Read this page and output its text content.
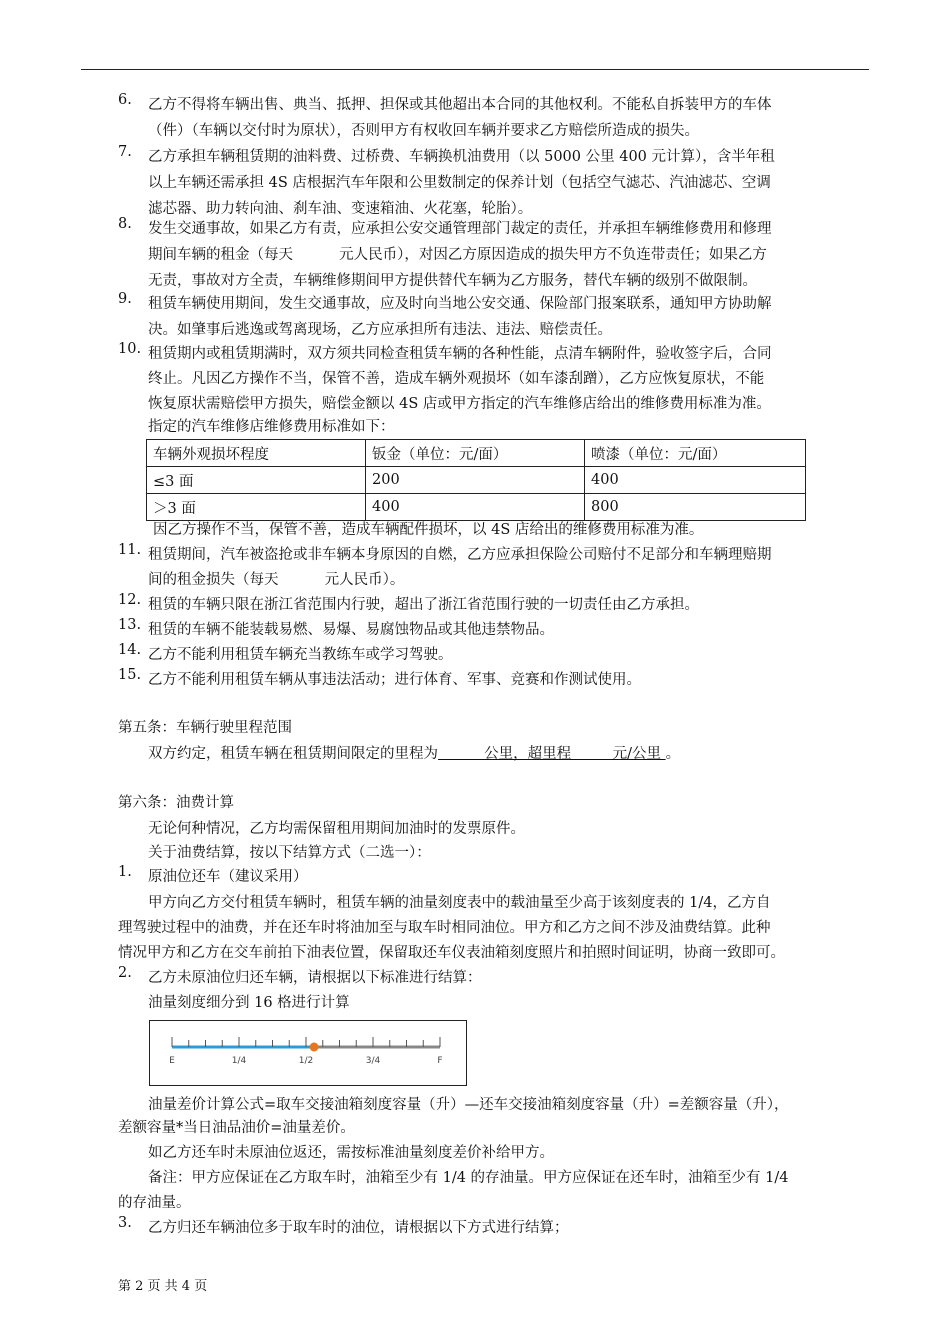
6. 乙方不得将车辆出售、典当、抵押、担保或其他超出本合同的其他权利。不能私自拆装甲方的车体
（件）（车辆以交付时为原状），否则甲方有权收回车辆并要求乙方赔偿所造成的损失。
7. 乙方承担车辆租赁期的油料费、过桥费、车辆换机油费用（以 5000 公里 400 元计算），含半年租
以上车辆还需承担 4S 店根据汽车年限和公里数制定的保养计划（包括空气滤芯、汽油滤芯、空调
滤芯器、助力转向油、刹车油、变速箱油、火花塞，轮胎）。
8. 发生交通事故，如果乙方有责，应承担公安交通管理部门裁定的责任，并承担车辆维修费用和修理
期间车辆的租金（每天          元人民币），对因乙方原因造成的损失甲方不负连带责任；如果乙方
无责，事故对方全责，车辆维修期间甲方提供替代车辆为乙方服务，替代车辆的级别不做限制。
9. 租赁车辆使用期间，发生交通事故，应及时向当地公安交通、保险部门报案联系，通知甲方协助解
决。如肇事后逃逸或驾离现场，乙方应承担所有违法、违法、赔偿责任。
10. 租赁期内或租赁期满时，双方须共同检查租赁车辆的各种性能，点清车辆附件，验收签字后，合同
终止。凡因乙方操作不当，保管不善，造成车辆外观损坏（如车漆刮蹭），乙方应恢复原状，不能
恢复原状需赔偿甲方损失，赔偿金额以 4S 店或甲方指定的汽车维修店给出的维修费用标准为准。
指定的汽车维修店维修费用标准如下：
车辆外观损坏程度	钣金（单位：元/面）	喷漆（单位：元/面）
≤3 面	200	400
＞3 面	400	800
因乙方操作不当，保管不善，造成车辆配件损坏，以 4S 店给出的维修费用标准为准。
11. 租赁期间，汽车被盗抢或非车辆本身原因的自燃，乙方应承担保险公司赔付不足部分和车辆理赔期
间的租金损失（每天          元人民币）。
12. 租赁的车辆只限在浙江省范围内行驶，超出了浙江省范围行驶的一切责任由乙方承担。
13. 租赁的车辆不能装载易燃、易爆、易腐蚀物品或其他违禁物品。
14. 乙方不能利用租赁车辆充当教练车或学习驾驶。
15. 乙方不能利用租赁车辆从事违法活动；进行体育、军事、竞赛和作测试使用。
第五条：车辆行驶里程范围
双方约定，租赁车辆在租赁期间限定的里程为          公里，超里程         元/公里 。
第六条：油费计算
无论何种情况，乙方均需保留租用期间加油时的发票原件。
关于油费结算，按以下结算方式（二选一）：
1. 原油位还车（建议采用）
甲方向乙方交付租赁车辆时，租赁车辆的油量刻度表中的载油量至少高于该刻度表的 1/4，乙方自
理驾驶过程中的油费，并在还车时将油加至与取车时相同油位。甲方和乙方之间不涉及油费结算。此种
情况甲方和乙方在交车前拍下油表位置，保留取还车仪表油箱刻度照片和拍照时间证明，协商一致即可。
2. 乙方未原油位归还车辆，请根据以下标准进行结算：
油量刻度细分到 16 格进行计算
E	1/4	1/2	3/4	F
油量差价计算公式=取车交接油箱刻度容量（升）—还车交接油箱刻度容量（升）=差额容量（升），
差额容量*当日油品油价=油量差价。
如乙方还车时未原油位返还，需按标准油量刻度差价补给甲方。
备注：甲方应保证在乙方取车时，油箱至少有 1/4 的存油量。甲方应保证在还车时，油箱至少有 1/4
的存油量。
3. 乙方归还车辆油位多于取车时的油位，请根据以下方式进行结算；
第 2 页 共 4 页
